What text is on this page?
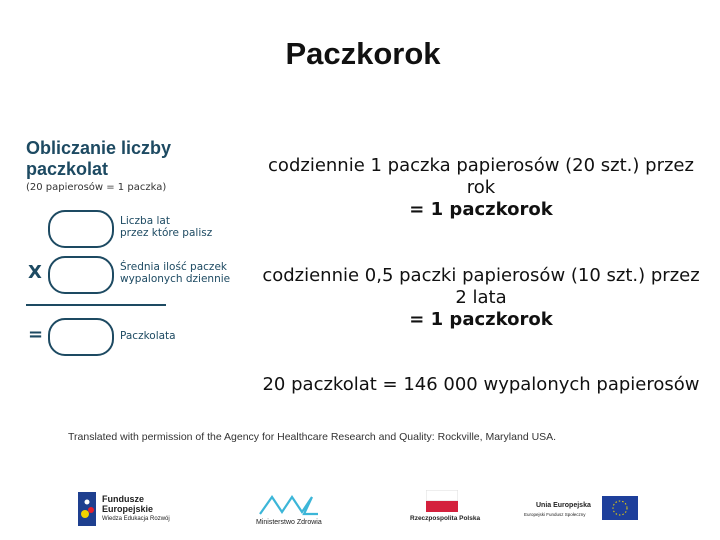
Paczkorok
Obliczanie liczby
paczkolat
(20 papierosów = 1 paczka)
Liczba lat
przez które palisz
X	Średnia ilość paczek
wypalonych dziennie
=	Paczkolata
codziennie 1 paczka papierosów (20 szt.) przez
rok
= 1 paczkorok
codziennie 0,5 paczki papierosów (10 szt.) przez
2 lata
= 1 paczkorok
20 paczkolat = 146 000 wypalonych papierosów
Translated with permission of the Agency for Healthcare Research and Quality: Rockville, Maryland USA.
Fundusze
Europejskie
Wiedza Edukacja Rozwój	Ministerstwo Zdrowia
Rzeczpospolita Polska
Unia Europejska
Europejski Fundusz Społeczny
